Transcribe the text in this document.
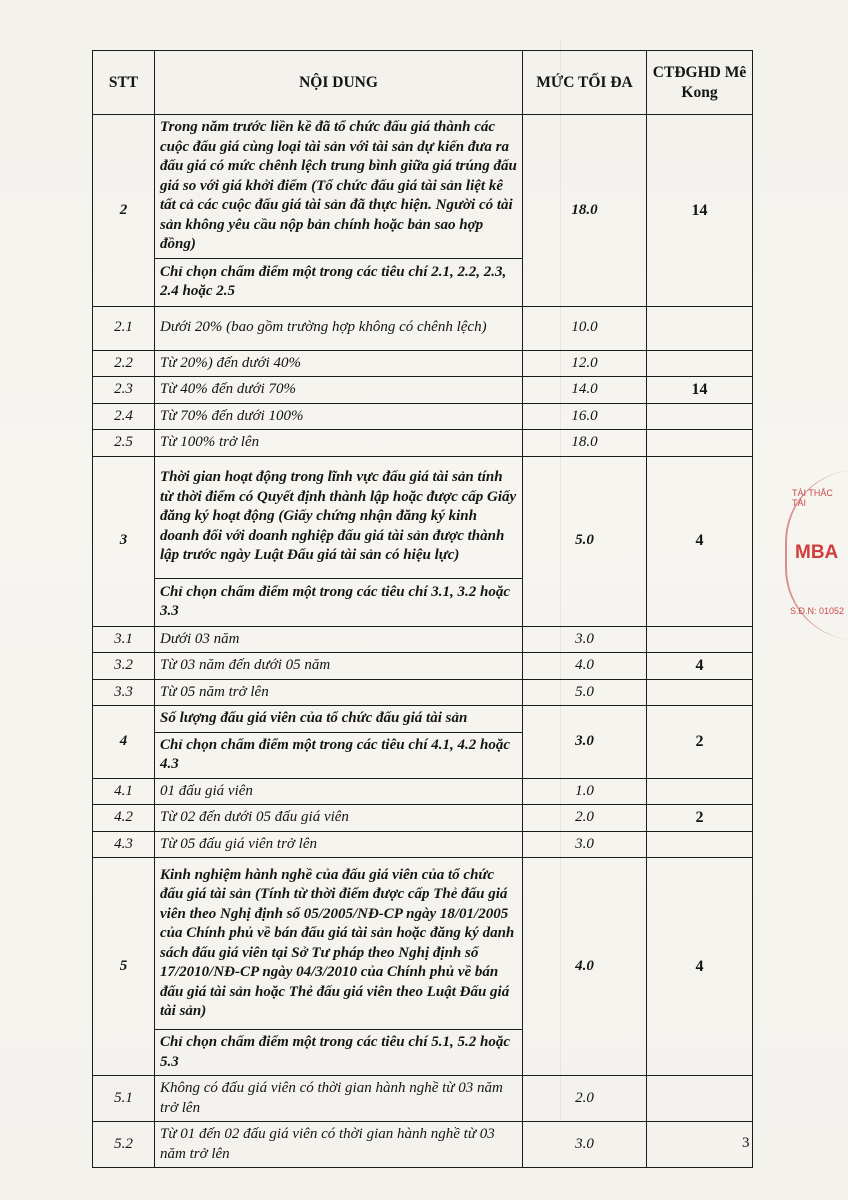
STT	NỘI DUNG	MỨC TỐI ĐA	CTĐGHD Mê Kong
2	Trong năm trước liền kề đã tổ chức đấu giá thành các cuộc đấu giá cùng loại tài sản với tài sản dự kiến đưa ra đấu giá có mức chênh lệch trung bình giữa giá trúng đấu giá so với giá khởi điểm (Tổ chức đấu giá tài sản liệt kê tất cả các cuộc đấu giá tài sản đã thực hiện. Người có tài sản không yêu cầu nộp bản chính hoặc bản sao hợp đồng)	18.0	14
	Chỉ chọn chấm điểm một trong các tiêu chí 2.1, 2.2, 2.3, 2.4 hoặc 2.5		
2.1	Dưới 20% (bao gồm trường hợp không có chênh lệch)	10.0	
2.2	Từ 20%) đến dưới 40%	12.0	
2.3	Từ 40% đến dưới 70%	14.0	14
2.4	Từ 70% đến dưới 100%	16.0	
2.5	Từ 100% trở lên	18.0	
3	Thời gian hoạt động trong lĩnh vực đấu giá tài sản tính từ thời điểm có Quyết định thành lập hoặc được cấp Giấy đăng ký hoạt động (Giấy chứng nhận đăng ký kinh doanh đối với doanh nghiệp đấu giá tài sản được thành lập trước ngày Luật Đấu giá tài sản có hiệu lực)	5.0	4
	Chỉ chọn chấm điểm một trong các tiêu chí 3.1, 3.2 hoặc 3.3		
3.1	Dưới 03 năm	3.0	
3.2	Từ 03 năm đến dưới 05 năm	4.0	4
3.3	Từ 05 năm trở lên	5.0	
4	Số lượng đấu giá viên của tổ chức đấu giá tài sản	3.0	2
	Chỉ chọn chấm điểm một trong các tiêu chí 4.1, 4.2 hoặc 4.3		
4.1	01 đấu giá viên	1.0	
4.2	Từ 02 đến dưới 05 đấu giá viên	2.0	2
4.3	Từ 05 đấu giá viên trở lên	3.0	
5	Kinh nghiệm hành nghề của đấu giá viên của tổ chức đấu giá tài sản (Tính từ thời điểm được cấp Thẻ đấu giá viên theo Nghị định số 05/2005/NĐ-CP ngày 18/01/2005 của Chính phủ về bán đấu giá tài sản hoặc đăng ký danh sách đấu giá viên tại Sở Tư pháp theo Nghị định số 17/2010/NĐ-CP ngày 04/3/2010 của Chính phủ về bán đấu giá tài sản hoặc Thẻ đấu giá viên theo Luật Đấu giá tài sản)	4.0	4
	Chỉ chọn chấm điểm một trong các tiêu chí 5.1, 5.2 hoặc 5.3		
5.1	Không có đấu giá viên có thời gian hành nghề từ 03 năm trở lên	2.0	
5.2	Từ 01 đến 02 đấu giá viên có thời gian hành nghề từ 03 năm trở lên	3.0	
TÀI THẮC TÀI
MBA
S.Đ.N: 01052
3
